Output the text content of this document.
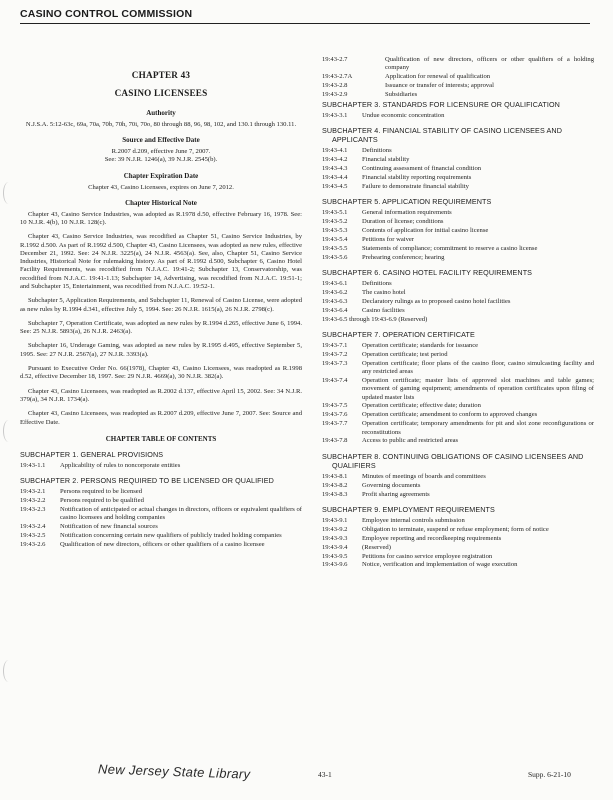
CASINO CONTROL COMMISSION
CHAPTER 43
CASINO LICENSEES
Authority

N.J.S.A. 5:12-63c, 69a, 70a, 70b, 70h, 70i, 70o, 80 through 88, 96, 98, 102, and 130.1 through 130.11.

Source and Effective Date

R.2007 d.209, effective June 7, 2007.

See: 39 N.J.R. 1246(a), 39 N.J.R. 2545(b).

Chapter Expiration Date

Chapter 43, Casino Licensees, expires on June 7, 2012.

Chapter Historical Note

Chapter 43, Casino Service Industries, was adopted as R.1978 d.50, effective February 16, 1978. See: 10 N.J.R. 4(b), 10 N.J.R. 128(c).

Chapter 43, Casino Service Industries, was recodified as Chapter 51, Casino Service Industries, by R.1992 d.500. As part of R.1992 d.500, Chapter 43, Casino Licensees, was adopted as new rules, effective December 21, 1992. See: 24 N.J.R. 3225(a), 24 N.J.R. 4563(a). See, also, Chapter 51, Casino Service Industries, Historical Note for rulemaking history. As part of R.1992 d.500, Subchapter 6, Casino Hotel Facility Requirements, was recodified from N.J.A.C. 19:41-2; Subchapter 13, Conservatorship, was recodified from N.J.A.C. 19:41-1.13; Subchapter 14, Advertising, was recodified from N.J.A.C. 19:51-1; and Subchapter 15, Entertainment, was recodified from N.J.A.C. 19:52-1.

Subchapter 5, Application Requirements, and Subchapter 11, Renewal of Casino License, were adopted as new rules by R.1994 d.341, effective July 5, 1994. See: 26 N.J.R. 1615(a), 26 N.J.R. 2798(c).

Subchapter 7, Operation Certificate, was adopted as new rules by R.1994 d.265, effective June 6, 1994. See: 25 N.J.R. 5893(a), 26 N.J.R. 2463(a).

Subchapter 16, Underage Gaming, was adopted as new rules by R.1995 d.495, effective September 5, 1995. See: 27 N.J.R. 2567(a), 27 N.J.R. 3393(a).

Pursuant to Executive Order No. 66(1978), Chapter 43, Casino Licensees, was readopted as R.1998 d.52, effective December 18, 1997. See: 29 N.J.R. 4669(a), 30 N.J.R. 382(a).

Chapter 43, Casino Licensees, was readopted as R.2002 d.137, effective April 15, 2002. See: 34 N.J.R. 379(a), 34 N.J.R. 1734(a).

Chapter 43, Casino Licensees, was readopted as R.2007 d.209, effective June 7, 2007. See: Source and Effective Date.

CHAPTER TABLE OF CONTENTS
SUBCHAPTER 1. GENERAL PROVISIONS
19:43-1.1	Applicability of rules to noncorporate entities
SUBCHAPTER 2. PERSONS REQUIRED TO BE LICENSED OR QUALIFIED
19:43-2.1	Persons required to be licensed
19:43-2.2	Persons required to be qualified
19:43-2.3	Notification of anticipated or actual changes in directors, officers or equivalent qualifiers of casino licensees and holding companies
19:43-2.4	Notification of new financial sources
19:43-2.5	Notification concerning certain new qualifiers of publicly traded holding companies
19:43-2.6	Qualification of new directors, officers or other qualifiers of a casino licensee
19:43-2.7	Qualification of new directors, officers or other qualifiers of a holding company
19:43-2.7A	Application for renewal of qualification
19:43-2.8	Issuance or transfer of interests; approval
19:43-2.9	Subsidiaries
SUBCHAPTER 3. STANDARDS FOR LICENSURE OR QUALIFICATION
19:43-3.1	Undue economic concentration
SUBCHAPTER 4. FINANCIAL STABILITY OF CASINO LICENSEES AND APPLICANTS
19:43-4.1	Definitions
19:43-4.2	Financial stability
19:43-4.3	Continuing assessment of financial condition
19:43-4.4	Financial stability reporting requirements
19:43-4.5	Failure to demonstrate financial stability
SUBCHAPTER 5. APPLICATION REQUIREMENTS
19:43-5.1	General information requirements
19:43-5.2	Duration of license; conditions
19:43-5.3	Contents of application for initial casino license
19:43-5.4	Petitions for waiver
19:43-5.5	Statements of compliance; commitment to reserve a casino license
19:43-5.6	Prehearing conference; hearing
SUBCHAPTER 6. CASINO HOTEL FACILITY REQUIREMENTS
19:43-6.1	Definitions
19:43-6.2	The casino hotel
19:43-6.3	Declaratory rulings as to proposed casino hotel facilities
19:43-6.4	Casino facilities
19:43-6.5 through 19:43-6.9 (Reserved)
SUBCHAPTER 7. OPERATION CERTIFICATE
19:43-7.1	Operation certificate; standards for issuance
19:43-7.2	Operation certificate; test period
19:43-7.3	Operation certificate; floor plans of the casino floor, casino simulcasting facility and any restricted areas
19:43-7.4	Operation certificate; master lists of approved slot machines and table games; movement of gaming equipment; amendments of operation certificates upon filing of updated master lists
19:43-7.5	Operation certificate; effective date; duration
19:43-7.6	Operation certificate; amendment to conform to approved changes
19:43-7.7	Operation certificate; temporary amendments for pit and slot zone reconfigurations or reconstitutions
19:43-7.8	Access to public and restricted areas
SUBCHAPTER 8. CONTINUING OBLIGATIONS OF CASINO LICENSEES AND QUALIFIERS
19:43-8.1	Minutes of meetings of boards and committees
19:43-8.2	Governing documents
19:43-8.3	Profit sharing agreements
SUBCHAPTER 9. EMPLOYMENT REQUIREMENTS
19:43-9.1	Employee internal controls submission
19:43-9.2	Obligation to terminate, suspend or refuse employment; form of notice
19:43-9.3	Employee reporting and recordkeeping requirements
19:43-9.4	(Reserved)
19:43-9.5	Petitions for casino service employee registration
19:43-9.6	Notice, verification and implementation of wage execution
New Jersey State Library	43-1	Supp. 6-21-10
